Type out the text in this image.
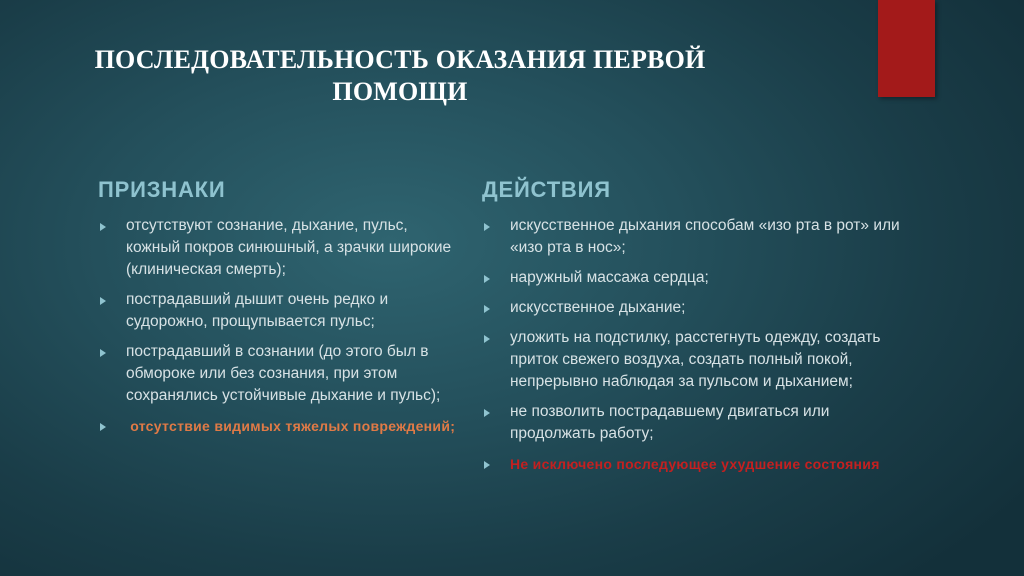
ПОСЛЕДОВАТЕЛЬНОСТЬ ОКАЗАНИЯ ПЕРВОЙ ПОМОЩИ
ПРИЗНАКИ
отсутствуют сознание, дыхание, пульс, кожный покров синюшный, а зрачки широкие (клиническая смерть);
пострадавший дышит очень редко и судорожно, прощупывается пульс;
пострадавший в сознании (до этого был в обмороке или без сознания, при этом сохранялись устойчивые дыхание и пульс);
отсутствие видимых тяжелых повреждений;
ДЕЙСТВИЯ
искусственное дыхания способам «изо рта в рот» или «изо рта в нос»;
наружный массажа сердца;
искусственное дыхание;
уложить на подстилку, расстегнуть одежду, создать приток свежего воздуха, создать полный покой, непрерывно наблюдая за пульсом и дыханием;
не позволить пострадавшему двигаться или продолжать работу;
Не исключено последующее ухудшение состояния
